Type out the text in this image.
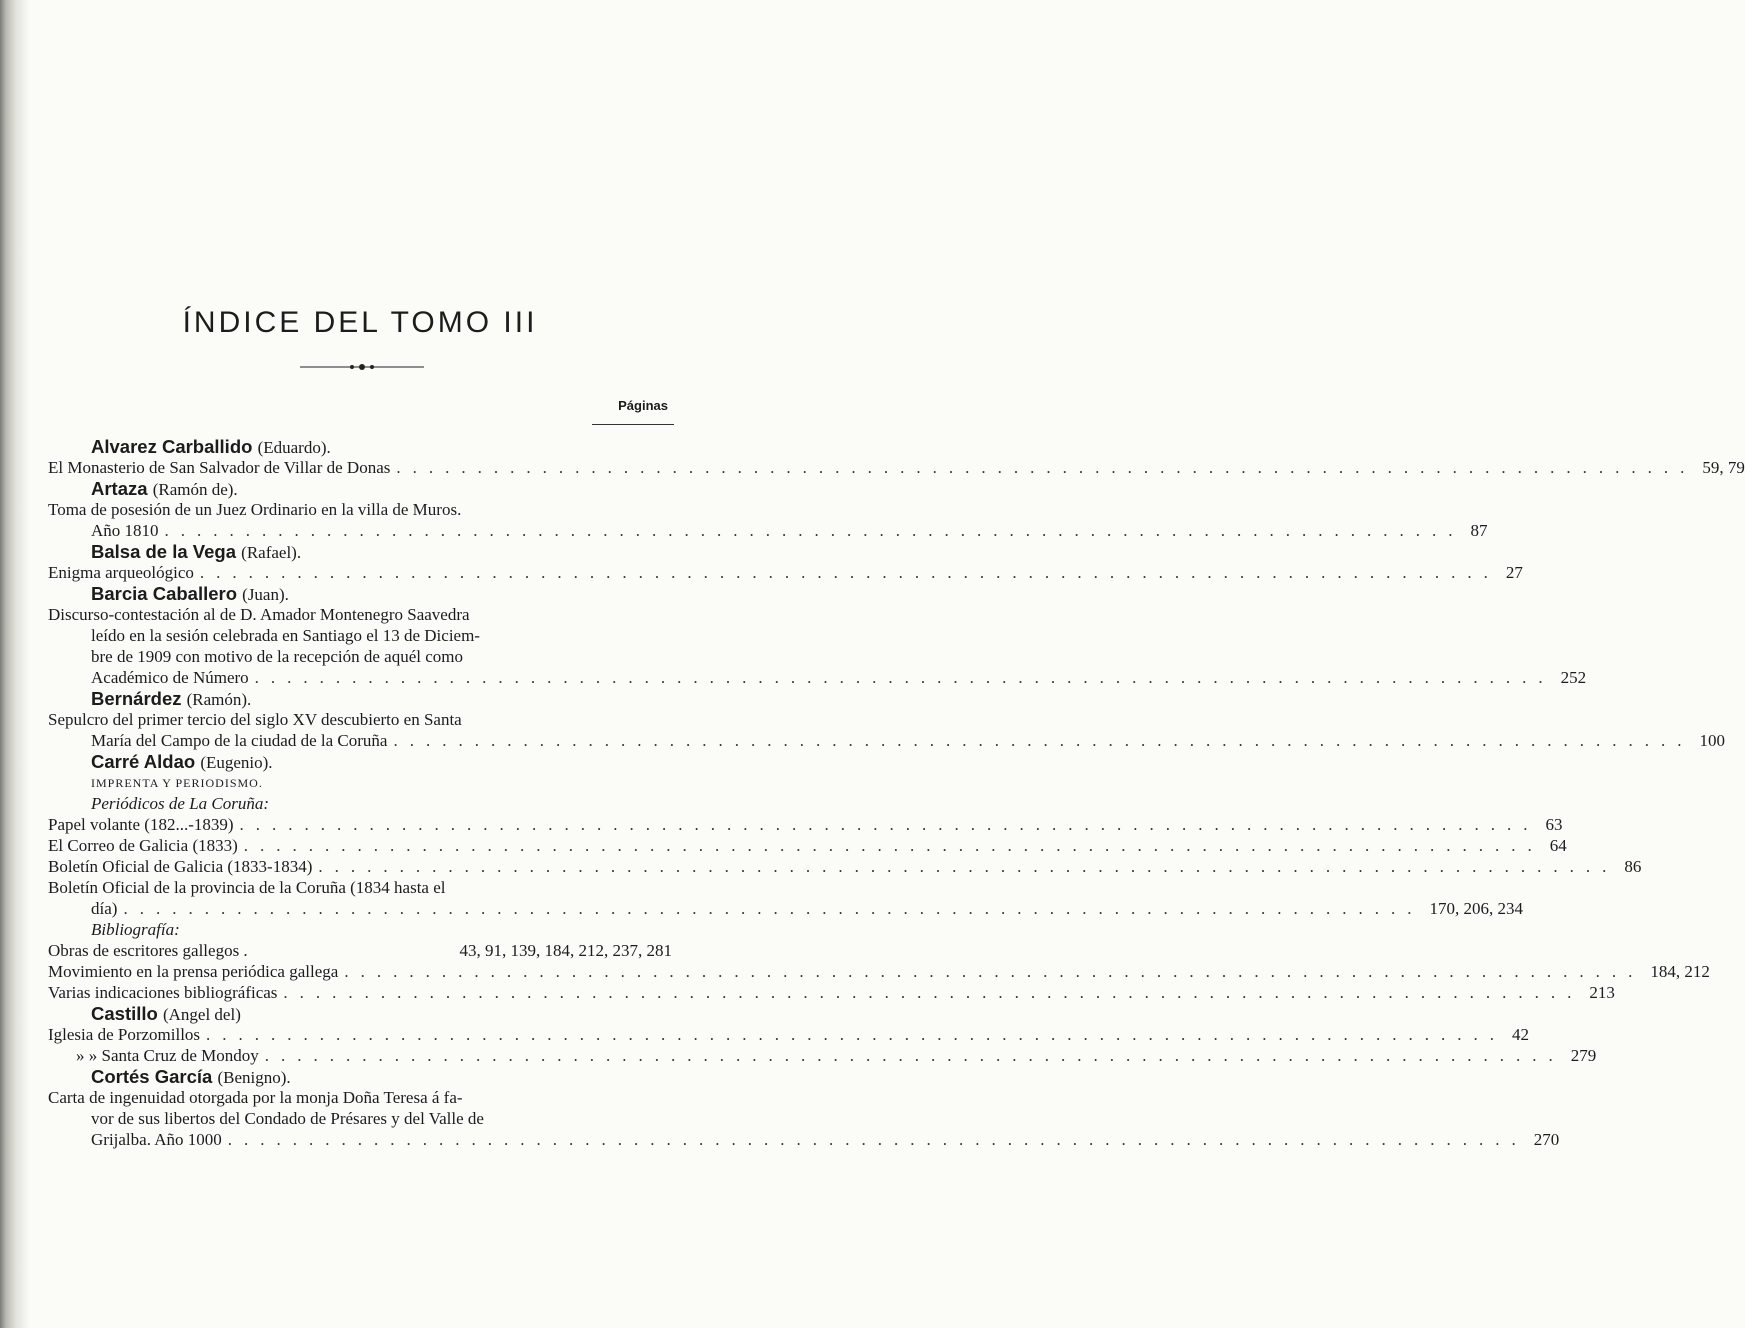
ÍNDICE DEL TOMO III
Páginas
Alvarez Carballido (Eduardo).
El Monasterio de San Salvador de Villar de Donas ................................................................................ 59, 79
Artaza (Ramón de).
Toma de posesión de un Juez Ordinario en la villa de Muros.
Año 1810 ................................................................................ 87
Balsa de la Vega (Rafael).
Enigma arqueológico ................................................................................ 27
Barcia Caballero (Juan).
Discurso-contestación al de D. Amador Montenegro Saavedra
leído en la sesión celebrada en Santiago el 13 de Diciem-
bre de 1909 con motivo de la recepción de aquél como
Académico de Número ................................................................................ 252
Bernárdez (Ramón).
Sepulcro del primer tercio del siglo XV descubierto en Santa
María del Campo de la ciudad de la Coruña ................................................................................ 100
Carré Aldao (Eugenio).
IMPRENTA Y PERIODISMO.
Periódicos de La Coruña:
Papel volante (182...-1839) ................................................................................ 63
El Correo de Galicia (1833) ................................................................................ 64
Boletín Oficial de Galicia (1833-1834) ................................................................................ 86
Boletín Oficial de la provincia de la Coruña (1834 hasta el
día) ................................................................................ 170, 206, 234
Bibliografía:
Obras de escritores gallegos .	43, 91, 139, 184, 212, 237, 281
Movimiento en la prensa periódica gallega ................................................................................ 184, 212
Varias indicaciones bibliográficas ................................................................................ 213
Castillo (Angel del)
Iglesia de Porzomillos ................................................................................ 42
» » Santa Cruz de Mondoy ................................................................................ 279
Cortés García (Benigno).
Carta de ingenuidad otorgada por la monja Doña Teresa á fa-
vor de sus libertos del Condado de Présares y del Valle de
Grijalba. Año 1000 ................................................................................ 270
